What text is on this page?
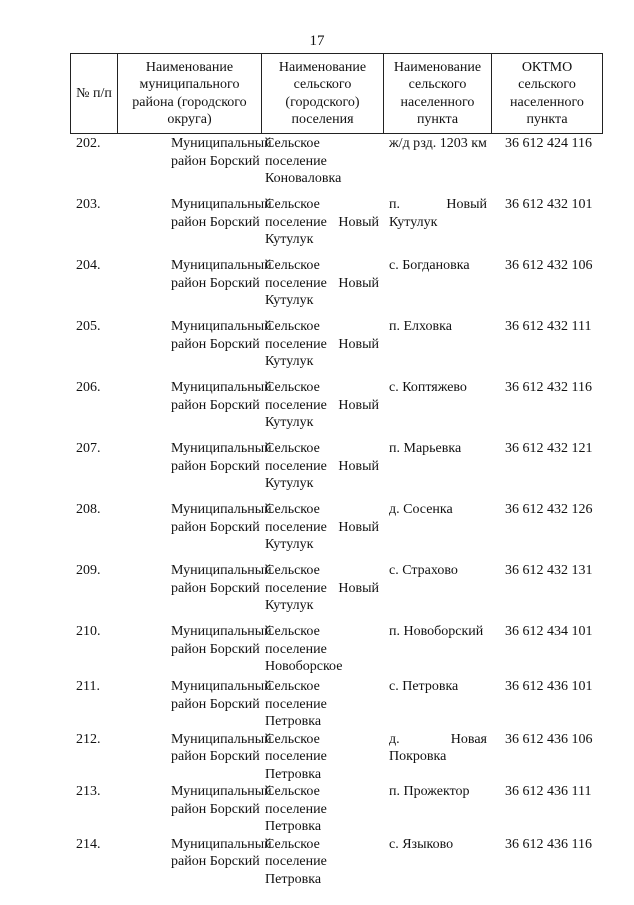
17
№ п/п	Наименование муниципального района (городского округа)	Наименование сельского (городского) поселения	Наименование сельского населенного пункта	ОКТМО сельского населенного пункта
202.	Муниципальный район Борский	Сельское поселение Коноваловка	ж/д рзд. 1203 км	36 612 424 116
203.	Муниципальный район Борский	Сельское поселение Новый Кутулук	п. Новый Кутулук	36 612 432 101
204.	Муниципальный район Борский	Сельское поселение Новый Кутулук	с. Богдановка	36 612 432 106
205.	Муниципальный район Борский	Сельское поселение Новый Кутулук	п. Елховка	36 612 432 111
206.	Муниципальный район Борский	Сельское поселение Новый Кутулук	с. Коптяжево	36 612 432 116
207.	Муниципальный район Борский	Сельское поселение Новый Кутулук	п. Марьевка	36 612 432 121
208.	Муниципальный район Борский	Сельское поселение Новый Кутулук	д. Сосенка	36 612 432 126
209.	Муниципальный район Борский	Сельское поселение Новый Кутулук	с. Страхово	36 612 432 131
210.	Муниципальный район Борский	Сельское поселение Новоборское	п. Новоборский	36 612 434 101
211.	Муниципальный район Борский	Сельское поселение Петровка	с. Петровка	36 612 436 101
212.	Муниципальный район Борский	Сельское поселение Петровка	д. Новая Покровка	36 612 436 106
213.	Муниципальный район Борский	Сельское поселение Петровка	п. Прожектор	36 612 436 111
214.	Муниципальный район Борский	Сельское поселение Петровка	с. Языково	36 612 436 116
